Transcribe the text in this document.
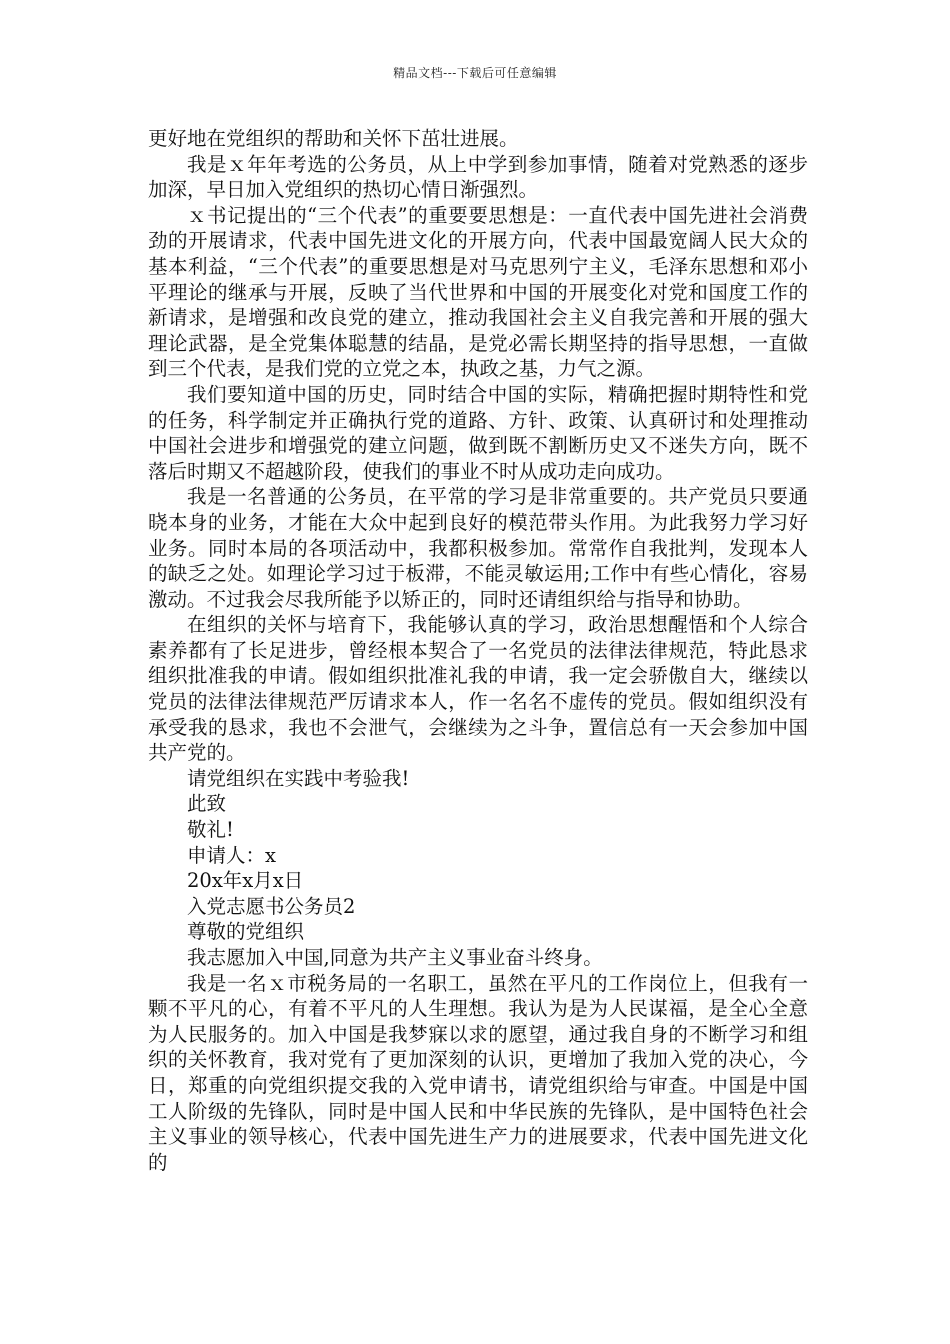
精品文档---下载后可任意编辑

更好地在党组织的帮助和关怀下茁壮进展。

我是ｘ年年考选的公务员，从上中学到参加事情，随着对党熟悉的逐步加深，早日加入党组织的热切心情日渐强烈。

ｘ书记提出的“三个代表”的重要要思想是：一直代表中国先进社会消费劲的开展请求，代表中国先进文化的开展方向，代表中国最宽阔人民大众的基本利益，“三个代表”的重要思想是对马克思列宁主义，毛泽东思想和邓小平理论的继承与开展，反映了当代世界和中国的开展变化对党和国度工作的新请求，是增强和改良党的建立，推动我国社会主义自我完善和开展的强大理论武器，是全党集体聪慧的结晶，是党必需长期坚持的指导思想，一直做到三个代表，是我们党的立党之本，执政之基，力气之源。

我们要知道中国的历史，同时结合中国的实际，精确把握时期特性和党的任务，科学制定并正确执行党的道路、方针、政策、认真研讨和处理推动中国社会进步和增强党的建立问题，做到既不割断历史又不迷失方向，既不落后时期又不超越阶段，使我们的事业不时从成功走向成功。

我是一名普通的公务员，在平常的学习是非常重要的。共产党员只要通晓本身的业务，才能在大众中起到良好的模范带头作用。为此我努力学习好业务。同时本局的各项活动中，我都积极参加。常常作自我批判，发现本人的缺乏之处。如理论学习过于板滞，不能灵敏运用;工作中有些心情化，容易激动。不过我会尽我所能予以矫正的，同时还请组织给与指导和协助。

在组织的关怀与培育下，我能够认真的学习，政治思想醒悟和个人综合素养都有了长足进步，曾经根本契合了一名党员的法律法律规范，特此恳求组织批准我的申请。假如组织批准礼我的申请，我一定会骄傲自大，继续以党员的法律法律规范严厉请求本人，作一名名不虚传的党员。假如组织没有承受我的恳求，我也不会泄气，会继续为之斗争，置信总有一天会参加中国共产党的。

请党组织在实践中考验我!

此致

敬礼!

申请人：x

20x年x月x日

入党志愿书公务员2

尊敬的党组织

我志愿加入中国,同意为共产主义事业奋斗终身。

我是一名ｘ市税务局的一名职工，虽然在平凡的工作岗位上，但我有一颗不平凡的心，有着不平凡的人生理想。我认为是为人民谋福，是全心全意为人民服务的。加入中国是我梦寐以求的愿望，通过我自身的不断学习和组织的关怀教育，我对党有了更加深刻的认识，更增加了我加入党的决心，今日，郑重的向党组织提交我的入党申请书，请党组织给与审查。中国是中国工人阶级的先锋队，同时是中国人民和中华民族的先锋队，是中国特色社会主义事业的领导核心，代表中国先进生产力的进展要求，代表中国先进文化的
